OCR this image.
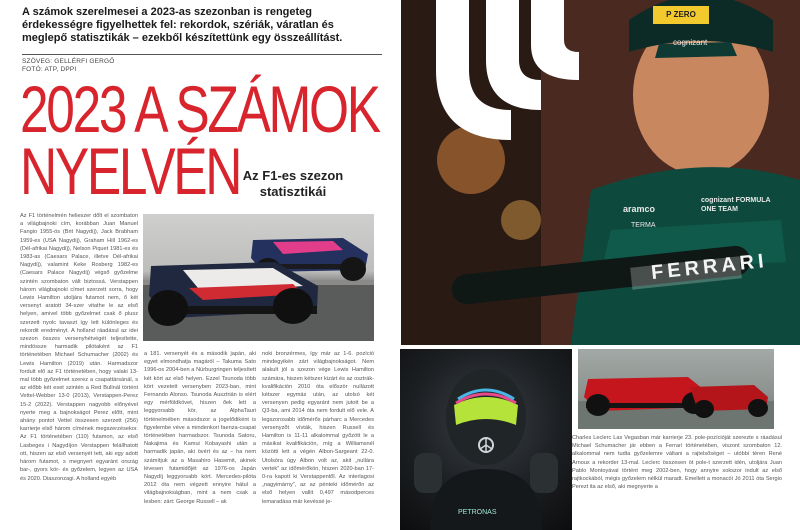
A számok szerelmesei a 2023-as szezonban is rengeteg érdekességre figyelhettek fel: rekordok, szériák, váratlan és meglepő statisztikák – ezekből készítettünk egy összeállítást.
SZÖVEG: GELLÉRFI GERGŐ
FOTÓ: ATP, DPPI
2023 A SZÁMOK
NYELVÉN Az F1-es szezon statisztikái
Az F1 történelmén helieszer dőlt el szombaton a világbajnoki cím, korábban Juan Manuel Fangio 1955-ös (Brit Nagydíj), Jack Brabham 1959-es (USA Nagydíj), Graham Hill 1962-es (Dél-afrikai Nagydíj), Nelson Piquet 1981-es és 1983-as (Caesars Palace, illetve Dél-afrikai Nagydíj), valamint Keke Rosberg 1982-es (Caesars Palace Nagydíj) végső győzelme szintén szombaton vált biztossá. Verstappen három világbajnoki címet szerzett sorra, hogy Lewis Hamilton utoljára futamot nem, ő két versenyt aratott 34-szer vitathe le az első helyen, amivel több győzelmet csak ő plusz szerzett nyolc tavaszt így lett különleges és rekordit eredményt. A holland ráadásul az idei szezon összes versenyhétvégét teljesítette, mindössze harmadik pilótaként az F1 történetében Michael Schumacher (2002) és Lewis Hamilton (2019) után. Harmadszor fordult elő az F1 történetében, hogy valaki 13-mal több győzelmet szerez a csapattársánál, s az előbb két eset szintén a Red Bullnál történt Vettel-Webber 13-0 (2013), Verstappen-Perez 15-2 (2022). Verstappen nagyobb előnyével nyerte meg a bajnokságot Perez előtt, mint ahány pontot Vettel összesen szerzett (256) karrierje első három címének megszerzésekor. Az F1 történetében (110) futamon, az első Lasbeges i Nagydíjon Verstappen felállhatott ott, hiszen az első versenyét tett, aki egy adott három futamot, s megnyert egyaránt ország bar-, gyors kör- és győzelem, legyen az USA és 2020. Diaszonzagi. A holland egyéb
a 181. versenyét és a második japán, aki egyet elmondhatja magáról – Takuma Sato 1996-os 2004-ben a Nürburgringen teljesített két kört az első helyen. Ezzel Tsunoda több kört vezetett versenyben 2023-ban, mint Fernando Alonso. Tsunoda Ausztrián is elért egy mérföldkövet, hiszen őek lett a leggyorsabb kör, az AlphaTauri történelmében másodszor a jogelődiként is figyelembe véve a mindenkori faenza-csapat történetében harmadszor. Tsunoda Satoru, Nakajima és Kamui Kobayashi után a harmadik japán, aki övért és az – ha nem számítjuk az a Masahiro Hasemit, akinek lévesen futamidőjét az 1976-os Japán Nagydíj leggyorsabb kört. Mercedes-pilóta 2012 óta nem végzett ennyire hátul a világbajnokságban, mint a nem csak a lesben: zárt: George Russell – ak
noki bronzérmes, így már az 1-6. pozíció mindegyikén zárt világbajnokságot. Nem alakult jól a szezon vége Lewis Hamilton számára, hiszen kétszer kizárt és az osztrák-kvalifikáción 2010 óta először nullázott kétszer egymás után, az utolsó két versenyen pedig egyaránt nem jutott be a Q3-ba, ami 2014 óta nem fordult elő vele. A legszorosabb időmérős párharc a Mercedes versenyzőt vívták, hiszen Russell és Hamilton is 11-11 alkalommal győzött le a másikat kvalifikáción, míg a Williamsnél közötti lett a végén Albon-Sargeant 22-0. Utolsóra úgy Albon volt az, akit „nullára vertek” az időmérőkön, hiszen 2020-ban 17-0-ra kapott ki Verstappentől. Az interlagosi „nagyimárny”, az az pénteki időmérőn az első helyen vallit 0,497 másodperces lemaradása már kevéssé je-
Charles Leclerc Las Vegasban már karrierje 23. pole-pozícióját szerezte s ráadásul Michael Schumacher jár ebben a Ferrari történetében, viszont szombaton 12. alkalommal nem tudta győzelemre váltani a rajtelsőséget – utóbbi téren René Arnoux a rekorder 13-mal. Leclerc összesen öt pole-t szerzett idén, utoljára Juan Pablo Montoyával történt meg 2002-ben, hogy annyire sokszor indult az első rajtkockából, mégis győzelem nélkül maradt. Emellett a monacói Jó 2011 óta Sergio Perezt ita az első, aki megnyerte a
P ZERO
cognizant
cognizant FORMULA ONE TEAM
aramco
TERMA
FERRARI
PETRONAS
